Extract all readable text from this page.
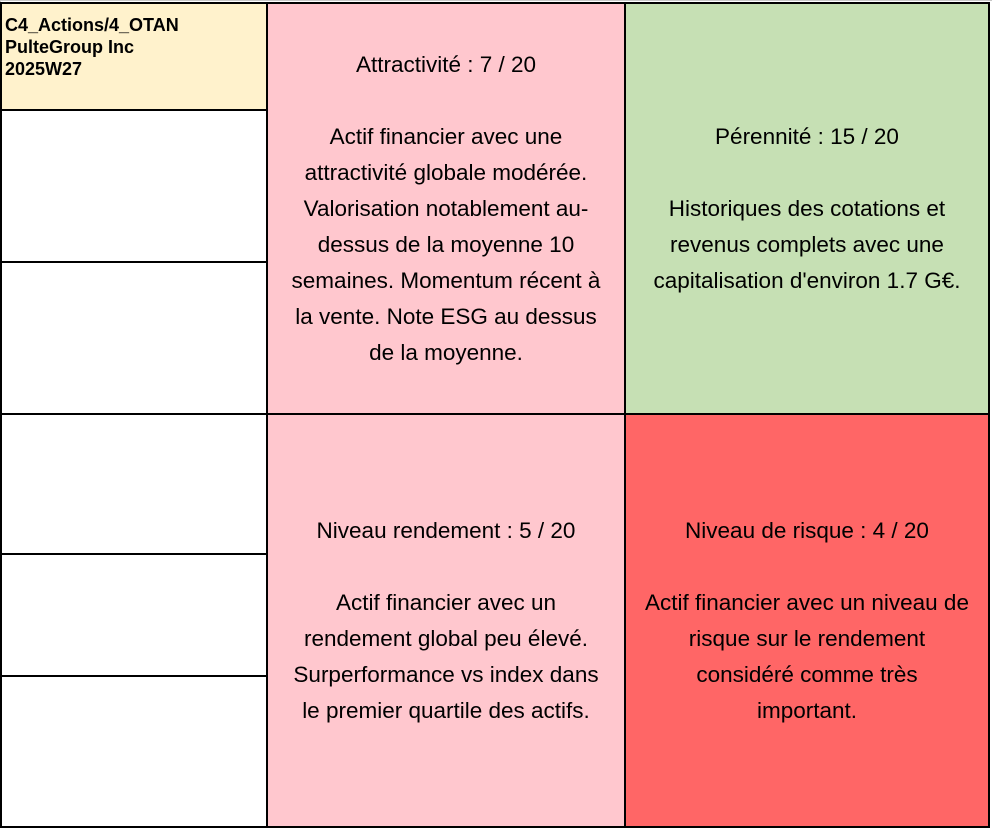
C4_Actions/4_OTAN
PulteGroup Inc
2025W27	Attractivité : 7 / 20
Actif financier avec une
attractivité globale modérée.
Valorisation notablement au-
dessus de la moyenne 10
semaines. Momentum récent à
la vente. Note ESG au dessus
de la moyenne.
Pérennité : 15 / 20
Historiques des cotations et
revenus complets avec une
capitalisation d'environ 1.7 G€.
Niveau rendement : 5 / 20
Actif financier avec un
rendement global peu élevé.
Surperformance vs index dans
le premier quartile des actifs.
Niveau de risque : 4 / 20
Actif financier avec un niveau de
risque sur le rendement
considéré comme très
important.
